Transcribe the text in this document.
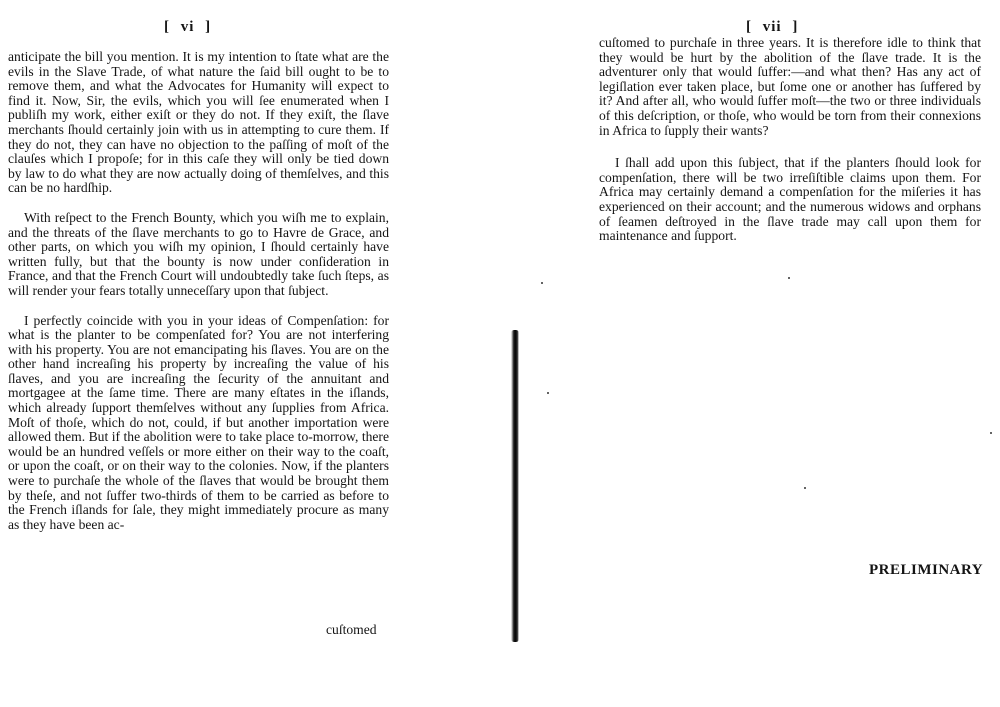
[ vi ]

anticipate the bill you mention. It is my intention to ſtate what are the evils in the Slave Trade, of what nature the ſaid bill ought to be to remove them, and what the Advocates for Humanity will expect to find it. Now, Sir, the evils, which you will ſee enumerated when I publiſh my work, either exiſt or they do not. If they exiſt, the ſlave merchants ſhould certainly join with us in attempting to cure them. If they do not, they can have no objection to the paſſing of moſt of the clauſes which I propoſe; for in this caſe they will only be tied down by law to do what they are now actually doing of themſelves, and this can be no hardſhip.

With reſpect to the French Bounty, which you wiſh me to explain, and the threats of the ſlave merchants to go to Havre de Grace, and other parts, on which you wiſh my opinion, I ſhould certainly have written fully, but that the bounty is now under conſideration in France, and that the French Court will undoubtedly take ſuch ſteps, as will render your fears totally unneceſſary upon that ſubject.

I perfectly coincide with you in your ideas of Compenſation: for what is the planter to be compenſated for? You are not interfering with his property. You are not emancipating his ſlaves. You are on the other hand increaſing his property by increaſing the value of his ſlaves, and you are increaſing the ſecurity of the annuitant and mortgagee at the ſame time. There are many eſtates in the iſlands, which already ſupport themſelves without any ſupplies from Africa. Moſt of thoſe, which do not, could, if but another importation were allowed them. But if the abolition were to take place to-morrow, there would be an hundred veſſels or more either on their way to the coaſt, or upon the coaſt, or on their way to the colonies. Now, if the planters were to purchaſe the whole of the ſlaves that would be brought them by theſe, and not ſuffer two-thirds of them to be carried as before to the French iſlands for ſale, they might immediately procure as many as they have been ac-

cuſtomed
[ vii ]

cuſtomed to purchaſe in three years. It is therefore idle to think that they would be hurt by the abolition of the ſlave trade. It is the adventurer only that would ſuffer:—and what then? Has any act of legiſlation ever taken place, but ſome one or another has ſuffered by it? And after all, who would ſuffer moſt—the two or three individuals of this deſcription, or thoſe, who would be torn from their connexions in Africa to ſupply their wants?

I ſhall add upon this ſubject, that if the planters ſhould look for compenſation, there will be two irreſiſtible claims upon them. For Africa may certainly demand a compenſation for the miſeries it has experienced on their account; and the numerous widows and orphans of ſeamen deſtroyed in the ſlave trade may call upon them for maintenance and ſupport.

PRELIMINARY
